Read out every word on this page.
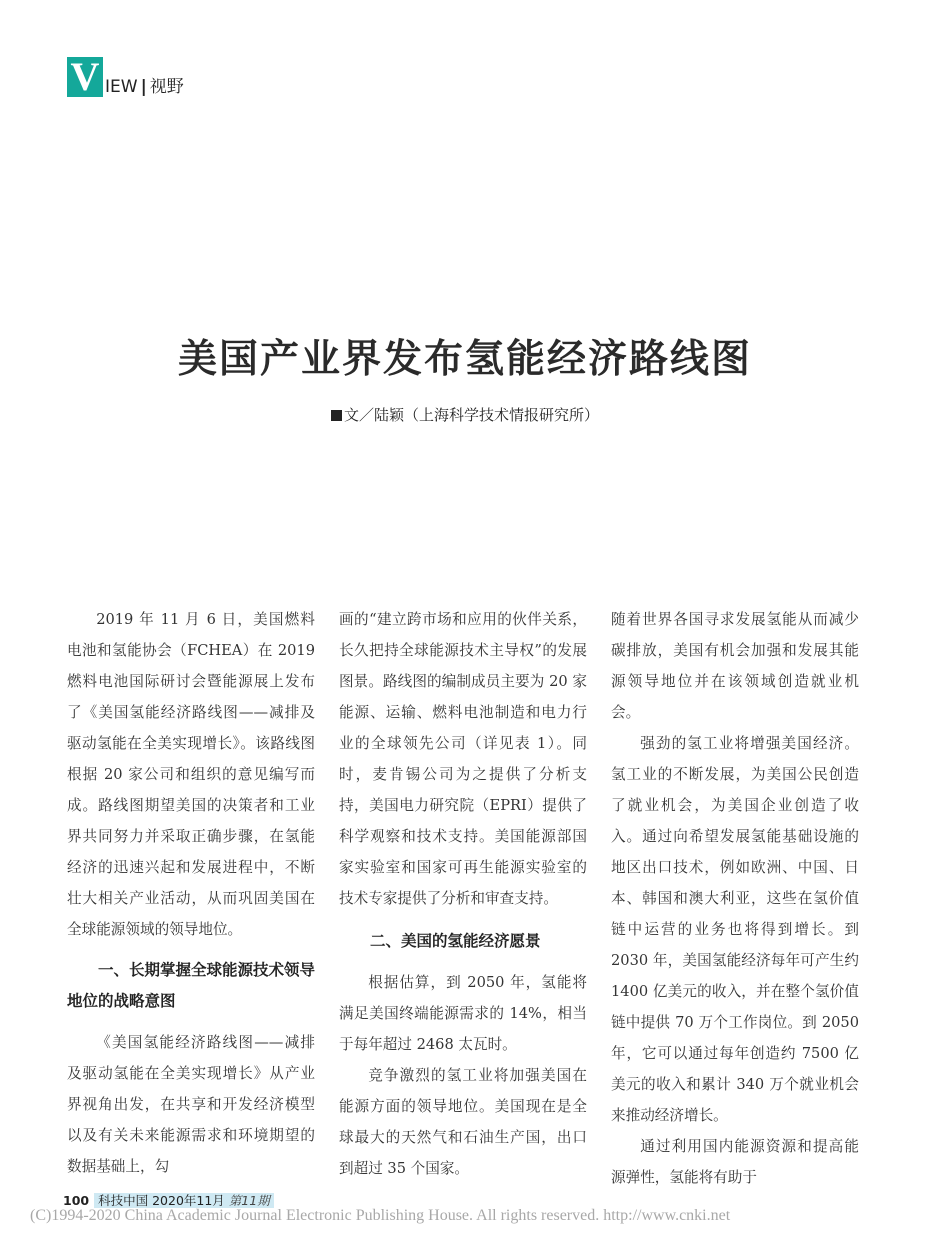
V IEW | 视野
美国产业界发布氢能经济路线图
文／陆颖（上海科学技术情报研究所）

2019 年 11 月 6 日，美国燃料电池和氢能协会（FCHEA）在 2019 燃料电池国际研讨会暨能源展上发布了《美国氢能经济路线图——减排及驱动氢能在全美实现增长》。该路线图根据 20 家公司和组织的意见编写而成。路线图期望美国的决策者和工业界共同努力并采取正确步骤，在氢能经济的迅速兴起和发展进程中，不断壮大相关产业活动，从而巩固美国在全球能源领域的领导地位。

一、长期掌握全球能源技术领导地位的战略意图

《美国氢能经济路线图——减排及驱动氢能在全美实现增长》从产业界视角出发，在共享和开发经济模型以及有关未来能源需求和环境期望的数据基础上，勾

画的“建立跨市场和应用的伙伴关系，长久把持全球能源技术主导权”的发展图景。路线图的编制成员主要为 20 家能源、运输、燃料电池制造和电力行业的全球领先公司（详见表 1）。同时，麦肯锡公司为之提供了分析支持，美国电力研究院（EPRI）提供了科学观察和技术支持。美国能源部国家实验室和国家可再生能源实验室的技术专家提供了分析和审查支持。

二、美国的氢能经济愿景

根据估算，到 2050 年，氢能将满足美国终端能源需求的 14%，相当于每年超过 2468 太瓦时。

竞争激烈的氢工业将加强美国在能源方面的领导地位。美国现在是全球最大的天然气和石油生产国，出口到超过 35 个国家。

随着世界各国寻求发展氢能从而减少碳排放，美国有机会加强和发展其能源领导地位并在该领域创造就业机会。

强劲的氢工业将增强美国经济。氢工业的不断发展，为美国公民创造了就业机会，为美国企业创造了收入。通过向希望发展氢能基础设施的地区出口技术，例如欧洲、中国、日本、韩国和澳大利亚，这些在氢价值链中运营的业务也将得到增长。到 2030 年，美国氢能经济每年可产生约 1400 亿美元的收入，并在整个氢价值链中提供 70 万个工作岗位。到 2050 年，它可以通过每年创造约 7500 亿美元的收入和累计 340 万个就业机会来推动经济增长。

通过利用国内能源资源和提高能源弹性，氢能将有助于

100 科技中国 2020年11月 第11期
(C)1994-2020 China Academic Journal Electronic Publishing House. All rights reserved. http://www.cnki.net
